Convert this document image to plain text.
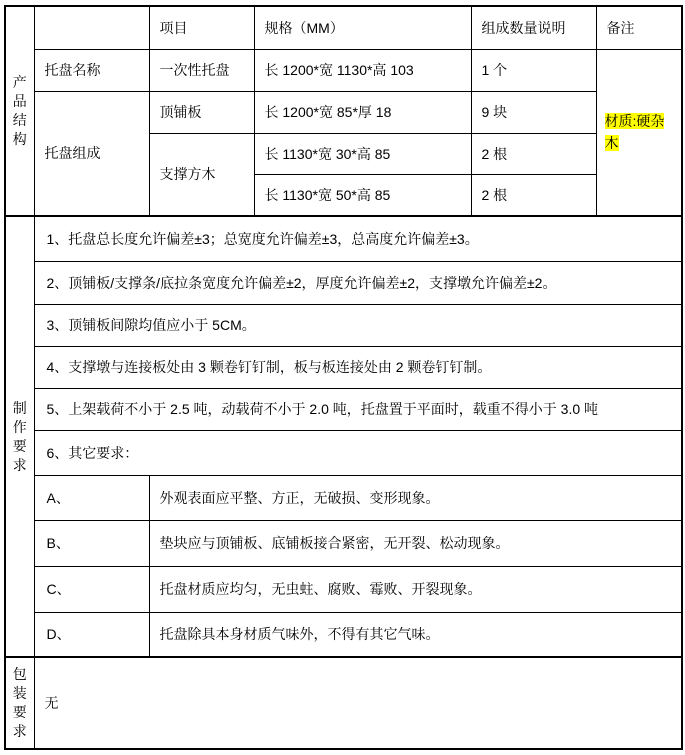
产品结构		项目	规格（MM）	组成数量说明	备注
	托盘名称	一次性托盘	长 1200*宽 1130*高 103	1 个	材质:硬杂木
	托盘组成	顶铺板	长 1200*宽 85*厚 18	9 块	
		支撑方木	长 1130*宽 30*高 85	2 根	
			长 1130*宽 50*高 85	2 根	

制作要求	1、托盘总长度允许偏差±3；总宽度允许偏差±3，总高度允许偏差±3。				
	2、顶铺板/支撑条/底拉条宽度允许偏差±2，厚度允许偏差±2，支撑墩允许偏差±2。				
	3、顶铺板间隙均值应小于 5CM。				
	4、支撑墩与连接板处由 3 颗卷钉钉制，板与板连接处由 2 颗卷钉钉制。				
	5、上架载荷不小于 2.5 吨，动载荷不小于 2.0 吨，托盘置于平面时，载重不得小于 3.0 吨				
	6、其它要求：				
	A、	外观表面应平整、方正，无破损、变形现象。			
	B、	垫块应与顶铺板、底铺板接合紧密，无开裂、松动现象。			
	C、	托盘材质应均匀，无虫蛀、腐败、霉败、开裂现象。			
	D、	托盘除具本身材质气味外，不得有其它气味。			

包装要求	无				
